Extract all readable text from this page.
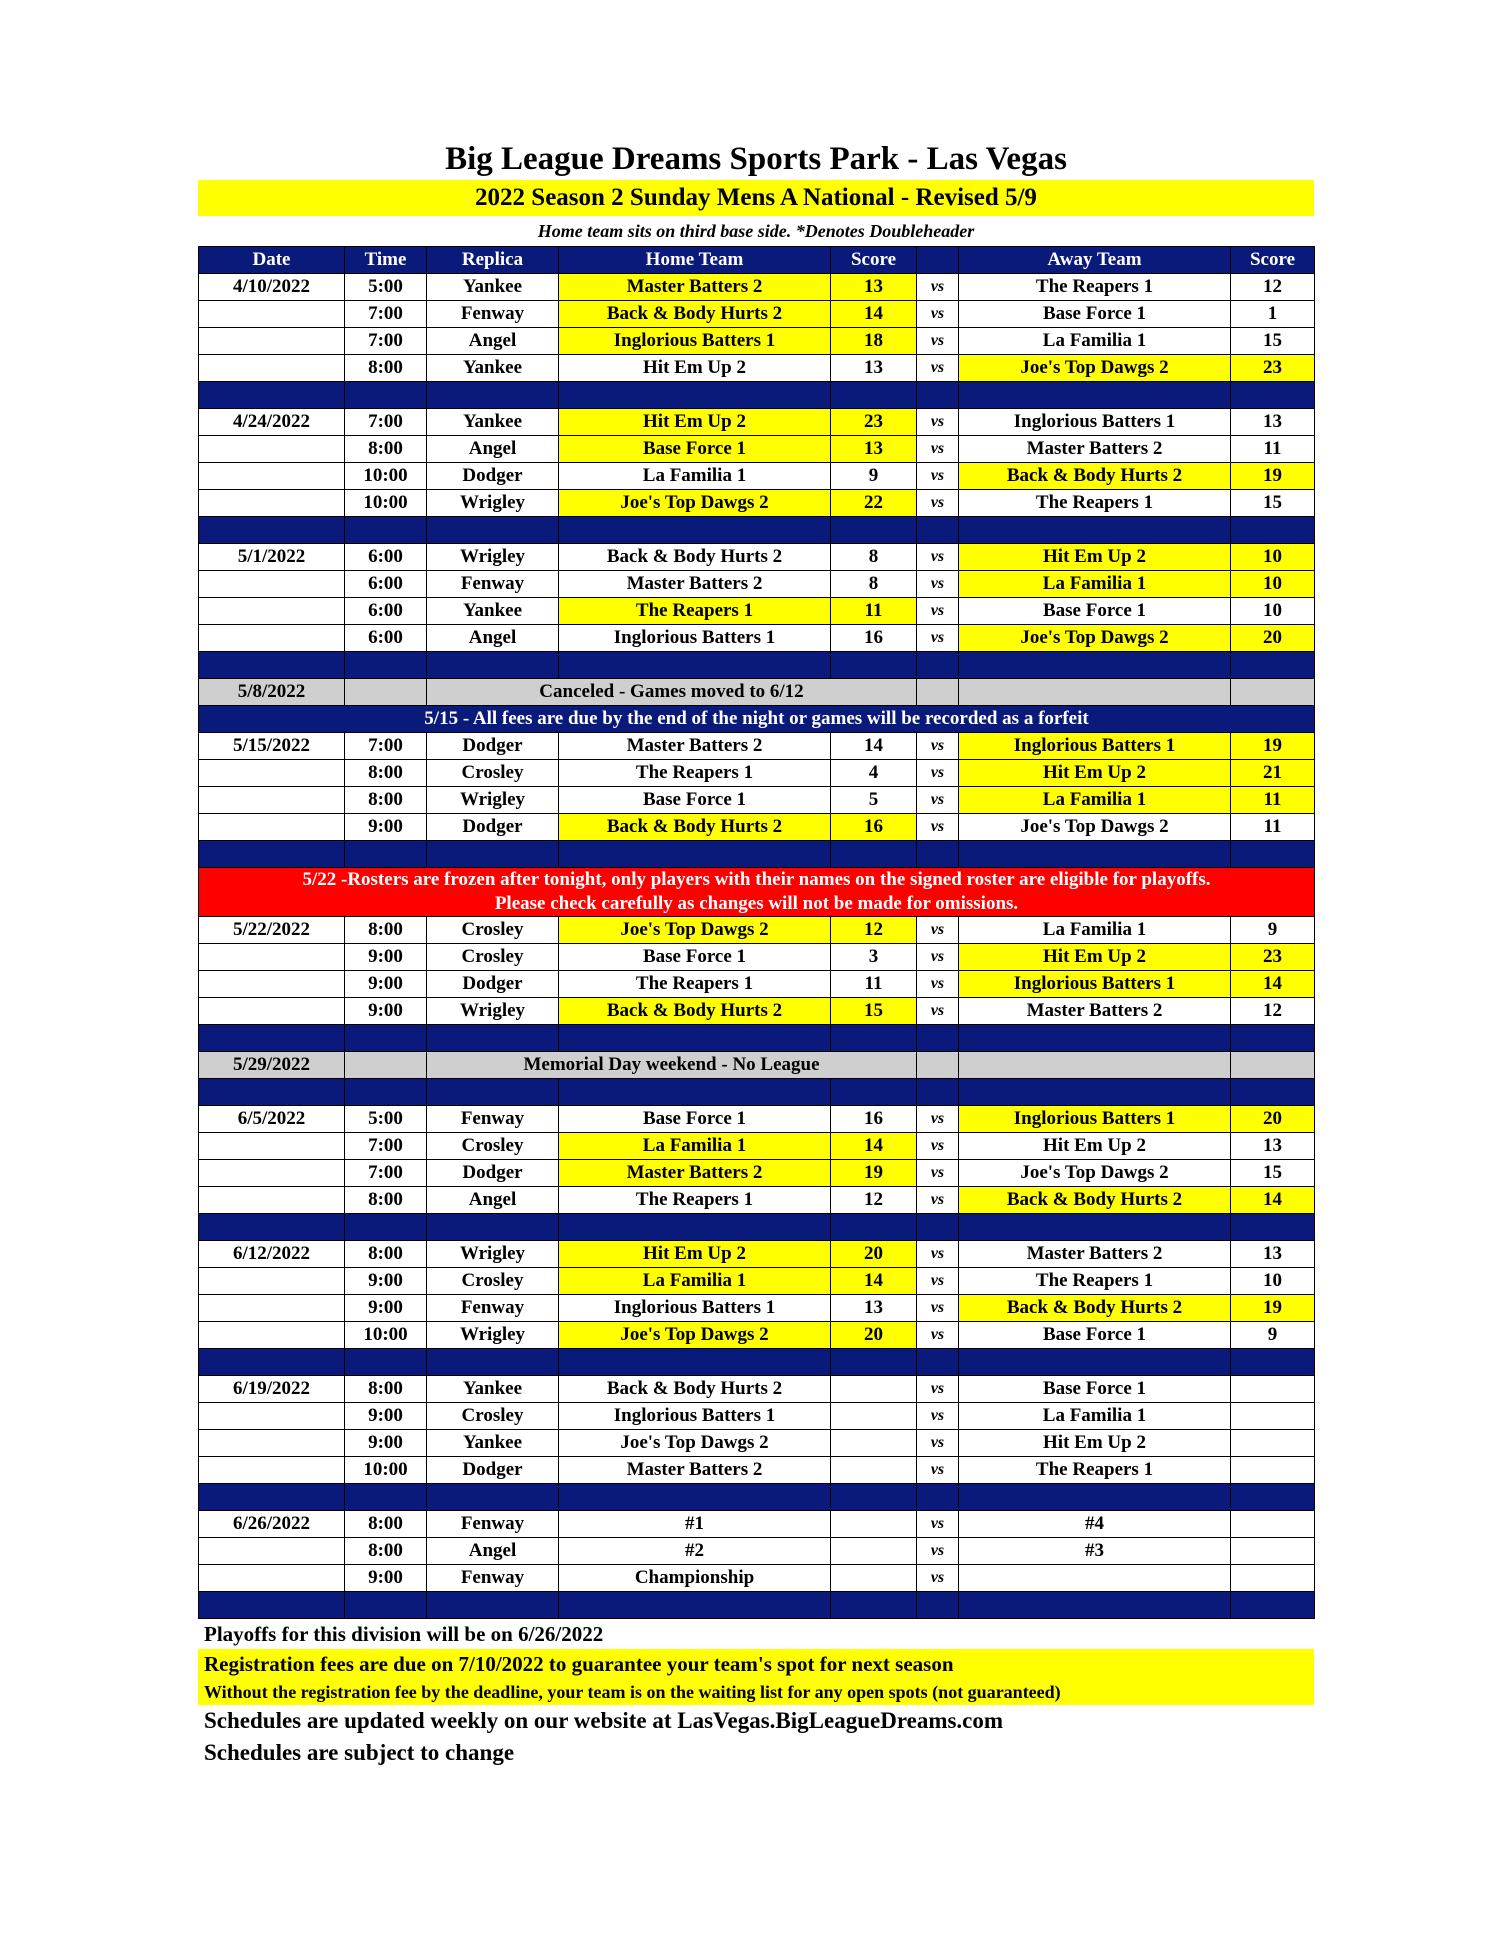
Big League Dreams Sports Park - Las Vegas
2022 Season 2 Sunday Mens A National - Revised 5/9
Home team sits on third base side. *Denotes Doubleheader
Date	Time	Replica	Home Team	Score		Away Team	Score
4/10/2022	5:00	Yankee	Master Batters 2	13	vs	The Reapers 1	12
	7:00	Fenway	Back & Body Hurts 2	14	vs	Base Force 1	1
	7:00	Angel	Inglorious Batters 1	18	vs	La Familia 1	15
	8:00	Yankee	Hit Em Up 2	13	vs	Joe's Top Dawgs 2	23

4/24/2022	7:00	Yankee	Hit Em Up 2	23	vs	Inglorious Batters 1	13
	8:00	Angel	Base Force 1	13	vs	Master Batters 2	11
	10:00	Dodger	La Familia 1	9	vs	Back & Body Hurts 2	19
	10:00	Wrigley	Joe's Top Dawgs 2	22	vs	The Reapers 1	15

5/1/2022	6:00	Wrigley	Back & Body Hurts 2	8	vs	Hit Em Up 2	10
	6:00	Fenway	Master Batters 2	8	vs	La Familia 1	10
	6:00	Yankee	The Reapers 1	11	vs	Base Force 1	10
	6:00	Angel	Inglorious Batters 1	16	vs	Joe's Top Dawgs 2	20

5/8/2022		Canceled - Games moved to 6/12					
5/15 - All fees are due by the end of the night or games will be recorded as a forfeit							
5/15/2022	7:00	Dodger	Master Batters 2	14	vs	Inglorious Batters 1	19
	8:00	Crosley	The Reapers 1	4	vs	Hit Em Up 2	21
	8:00	Wrigley	Base Force 1	5	vs	La Familia 1	11
	9:00	Dodger	Back & Body Hurts 2	16	vs	Joe's Top Dawgs 2	11

5/22 -Rosters are frozen after tonight, only players with their names on the signed roster are eligible for playoffs.
Please check carefully as changes will not be made for omissions.							

5/22/2022	8:00	Crosley	Joe's Top Dawgs 2	12	vs	La Familia 1	9
	9:00	Crosley	Base Force 1	3	vs	Hit Em Up 2	23
	9:00	Dodger	The Reapers 1	11	vs	Inglorious Batters 1	14
	9:00	Wrigley	Back & Body Hurts 2	15	vs	Master Batters 2	12

5/29/2022		Memorial Day weekend - No League					

6/5/2022	5:00	Fenway	Base Force 1	16	vs	Inglorious Batters 1	20
	7:00	Crosley	La Familia 1	14	vs	Hit Em Up 2	13
	7:00	Dodger	Master Batters 2	19	vs	Joe's Top Dawgs 2	15
	8:00	Angel	The Reapers 1	12	vs	Back & Body Hurts 2	14

6/12/2022	8:00	Wrigley	Hit Em Up 2	20	vs	Master Batters 2	13
	9:00	Crosley	La Familia 1	14	vs	The Reapers 1	10
	9:00	Fenway	Inglorious Batters 1	13	vs	Back & Body Hurts 2	19
	10:00	Wrigley	Joe's Top Dawgs 2	20	vs	Base Force 1	9

6/19/2022	8:00	Yankee	Back & Body Hurts 2		vs	Base Force 1	
	9:00	Crosley	Inglorious Batters 1		vs	La Familia 1	
	9:00	Yankee	Joe's Top Dawgs 2		vs	Hit Em Up 2	
	10:00	Dodger	Master Batters 2		vs	The Reapers 1	

6/26/2022	8:00	Fenway	#1		vs	#4	
	8:00	Angel	#2		vs	#3	
	9:00	Fenway	Championship		vs		

Playoffs for this division will be on 6/26/2022
Registration fees are due on 7/10/2022 to guarantee your team's spot for next season
Without the registration fee by the deadline, your team is on the waiting list for any open spots (not guaranteed)
Schedules are updated weekly on our website at LasVegas.BigLeagueDreams.com
Schedules are subject to change
